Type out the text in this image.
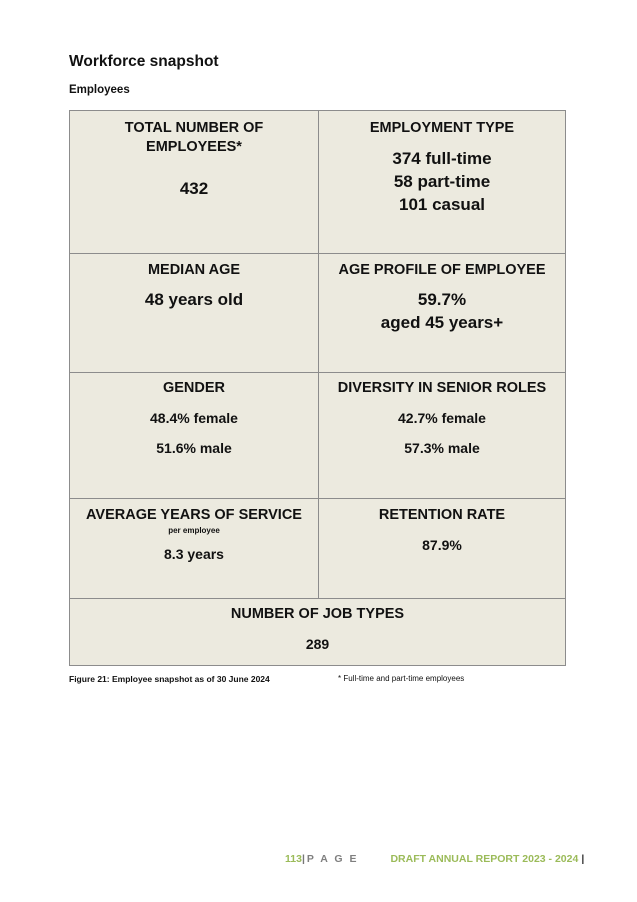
Workforce snapshot
Employees
TOTAL NUMBER OF
EMPLOYEES*
432
EMPLOYMENT TYPE
374 full-time
58 part-time
101 casual
MEDIAN AGE
48 years old
AGE PROFILE OF EMPLOYEE
59.7%
aged 45 years+
GENDER
48.4% female
51.6% male
DIVERSITY IN SENIOR ROLES
42.7% female
57.3% male
AVERAGE YEARS OF SERVICE
per employee
8.3 years
RETENTION RATE
87.9%
NUMBER OF JOB TYPES
289
Figure 21: Employee snapshot as of 30 June 2024	* Full-time and part-time employees
113| P A G E	DRAFT ANNUAL REPORT 2023 - 2024 |
